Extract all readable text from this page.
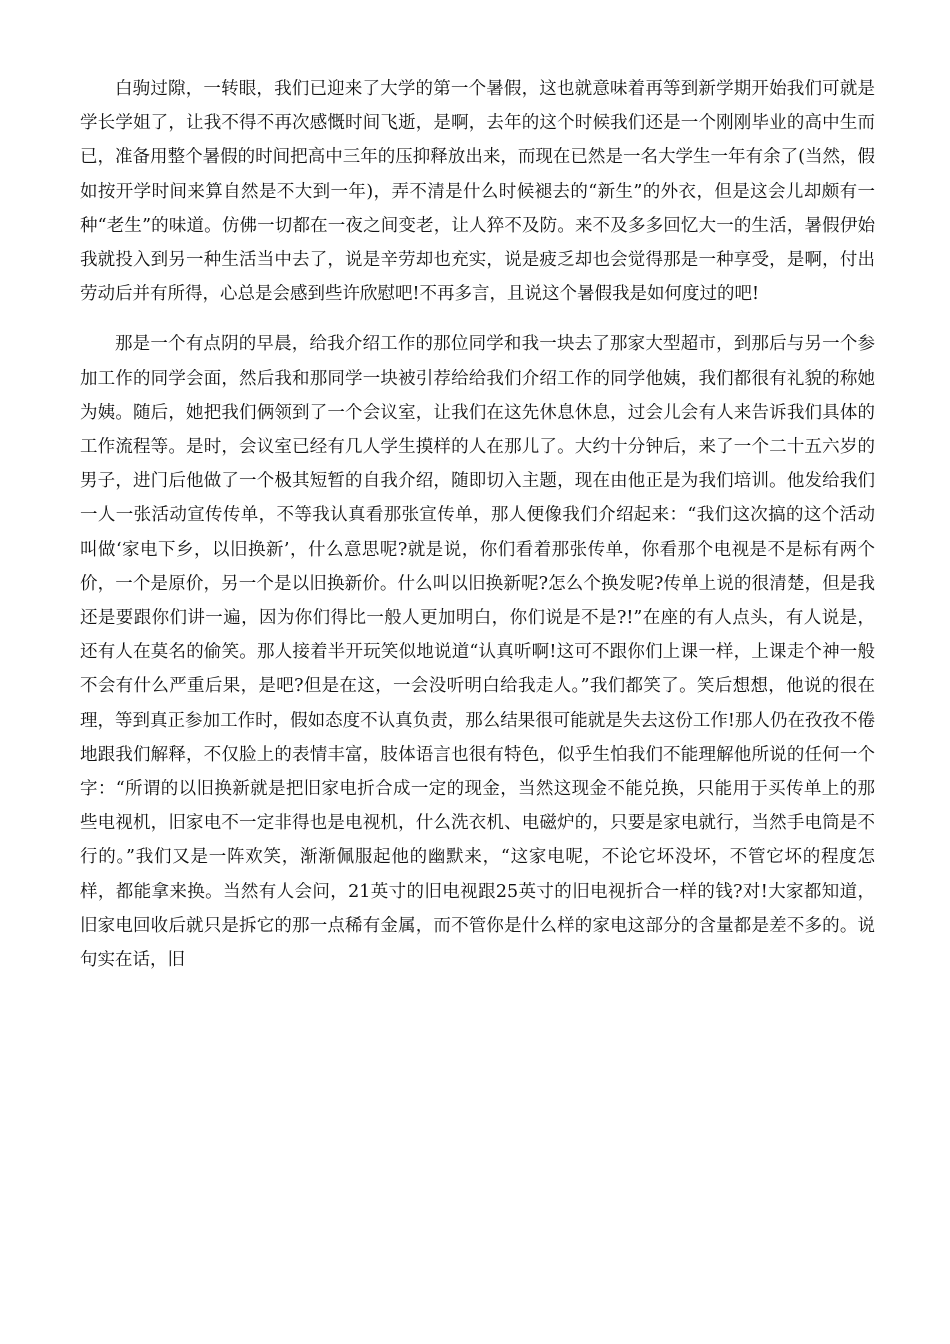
白驹过隙，一转眼，我们已迎来了大学的第一个暑假，这也就意味着再等到新学期开始我们可就是学长学姐了，让我不得不再次感慨时间飞逝，是啊，去年的这个时候我们还是一个刚刚毕业的高中生而已，准备用整个暑假的时间把高中三年的压抑释放出来，而现在已然是一名大学生一年有余了(当然，假如按开学时间来算自然是不大到一年)，弄不清是什么时候褪去的“新生”的外衣，但是这会儿却颇有一种“老生”的味道。仿佛一切都在一夜之间变老，让人猝不及防。来不及多多回忆大一的生活，暑假伊始我就投入到另一种生活当中去了，说是辛劳却也充实，说是疲乏却也会觉得那是一种享受，是啊，付出劳动后并有所得，心总是会感到些许欣慰吧!不再多言，且说这个暑假我是如何度过的吧!

那是一个有点阴的早晨，给我介绍工作的那位同学和我一块去了那家大型超市，到那后与另一个参加工作的同学会面，然后我和那同学一块被引荐给给我们介绍工作的同学他姨，我们都很有礼貌的称她为姨。随后，她把我们俩领到了一个会议室，让我们在这先休息休息，过会儿会有人来告诉我们具体的工作流程等。是时，会议室已经有几人学生摸样的人在那儿了。大约十分钟后，来了一个二十五六岁的男子，进门后他做了一个极其短暂的自我介绍，随即切入主题，现在由他正是为我们培训。他发给我们一人一张活动宣传传单，不等我认真看那张宣传单，那人便像我们介绍起来：“我们这次搞的这个活动叫做‘家电下乡，以旧换新’，什么意思呢?就是说，你们看着那张传单，你看那个电视是不是标有两个价，一个是原价，另一个是以旧换新价。什么叫以旧换新呢?怎么个换发呢?传单上说的很清楚，但是我还是要跟你们讲一遍，因为你们得比一般人更加明白，你们说是不是?!”在座的有人点头，有人说是，还有人在莫名的偷笑。那人接着半开玩笑似地说道“认真听啊!这可不跟你们上课一样，上课走个神一般不会有什么严重后果，是吧?但是在这，一会没听明白给我走人。”我们都笑了。笑后想想，他说的很在理，等到真正参加工作时，假如态度不认真负责，那么结果很可能就是失去这份工作!那人仍在孜孜不倦地跟我们解释，不仅脸上的表情丰富，肢体语言也很有特色，似乎生怕我们不能理解他所说的任何一个字：“所谓的以旧换新就是把旧家电折合成一定的现金，当然这现金不能兑换，只能用于买传单上的那些电视机，旧家电不一定非得也是电视机，什么洗衣机、电磁炉的，只要是家电就行，当然手电筒是不行的。”我们又是一阵欢笑，渐渐佩服起他的幽默来，“这家电呢，不论它坏没坏，不管它坏的程度怎样，都能拿来换。当然有人会问，21英寸的旧电视跟25英寸的旧电视折合一样的钱?对!大家都知道，旧家电回收后就只是拆它的那一点稀有金属，而不管你是什么样的家电这部分的含量都是差不多的。说句实在话，旧
